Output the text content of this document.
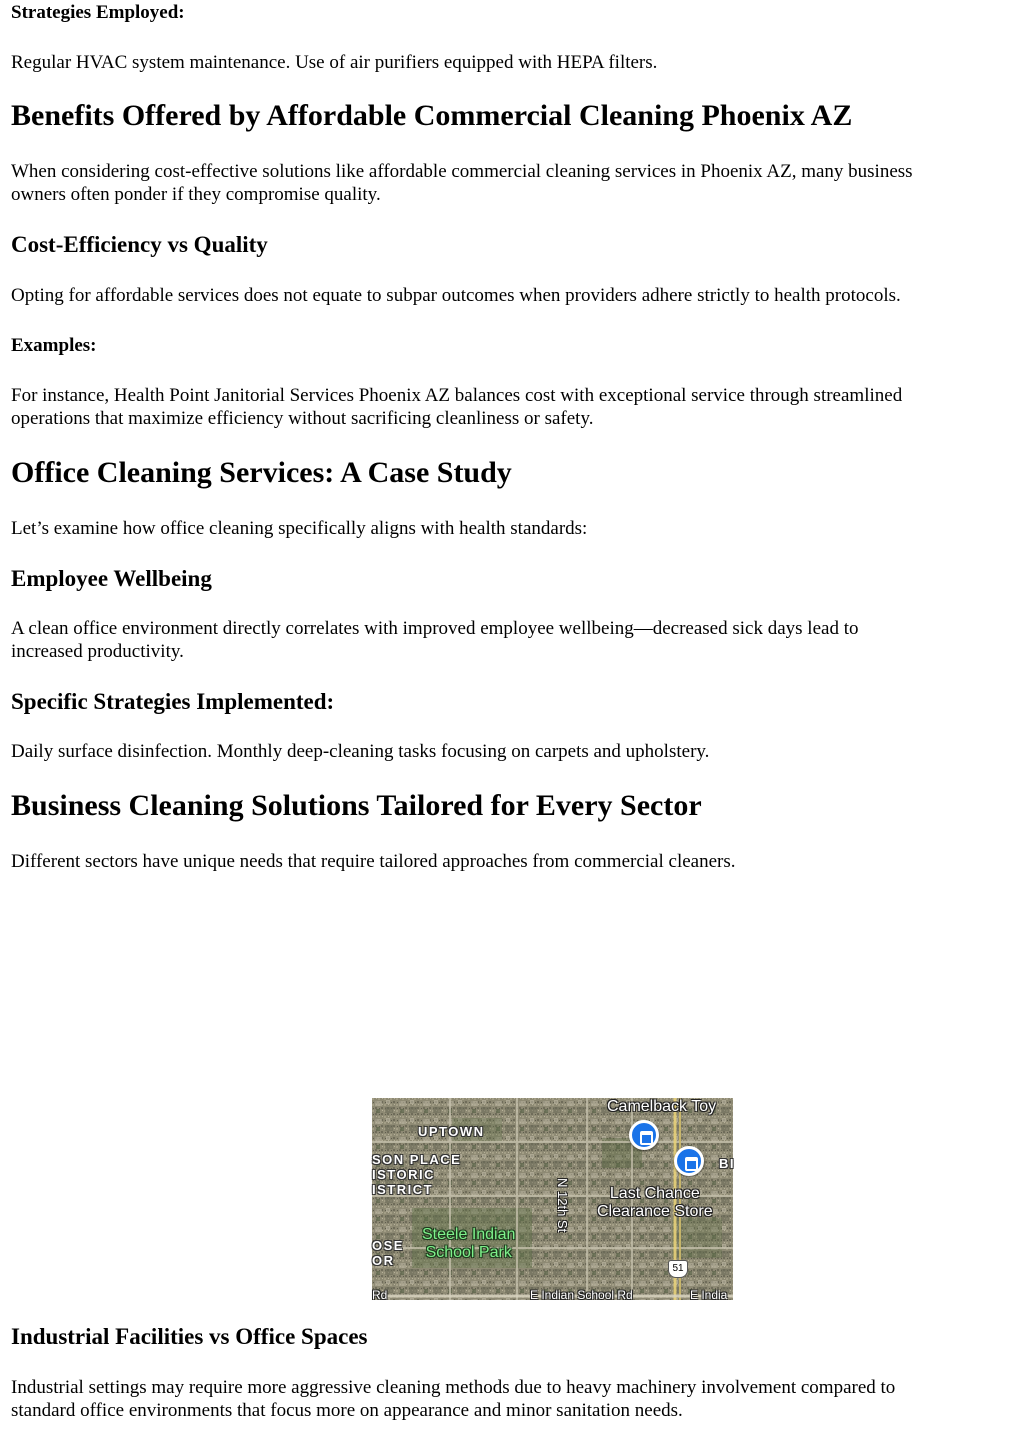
Strategies Employed:

Regular HVAC system maintenance. Use of air purifiers equipped with HEPA filters.

Benefits Offered by Affordable Commercial Cleaning Phoenix AZ

When considering cost-effective solutions like affordable commercial cleaning services in Phoenix AZ, many business
owners often ponder if they compromise quality.

Cost-Efficiency vs Quality

Opting for affordable services does not equate to subpar outcomes when providers adhere strictly to health protocols.

Examples:

For instance, Health Point Janitorial Services Phoenix AZ balances cost with exceptional service through streamlined
operations that maximize efficiency without sacrificing cleanliness or safety.

Office Cleaning Services: A Case Study

Let’s examine how office cleaning specifically aligns with health standards:

Employee Wellbeing

A clean office environment directly correlates with improved employee wellbeing—decreased sick days lead to
increased productivity.

Specific Strategies Implemented:

Daily surface disinfection. Monthly deep-cleaning tasks focusing on carpets and upholstery.

Business Cleaning Solutions Tailored for Every Sector

Different sectors have unique needs that require tailored approaches from commercial cleaners.

Industrial Facilities vs Office Spaces

Industrial settings may require more aggressive cleaning methods due to heavy machinery involvement compared to
standard office environments that focus more on appearance and minor sanitation needs.

Camelback Toy
UPTOWN
SON PLACE
ISTORIC
ISTRICT
BI
N 12th St	Last Chance
Clearance Store
Steele Indian
School Park
OSE
OR
51
Rd	E Indian School Rd	E India
